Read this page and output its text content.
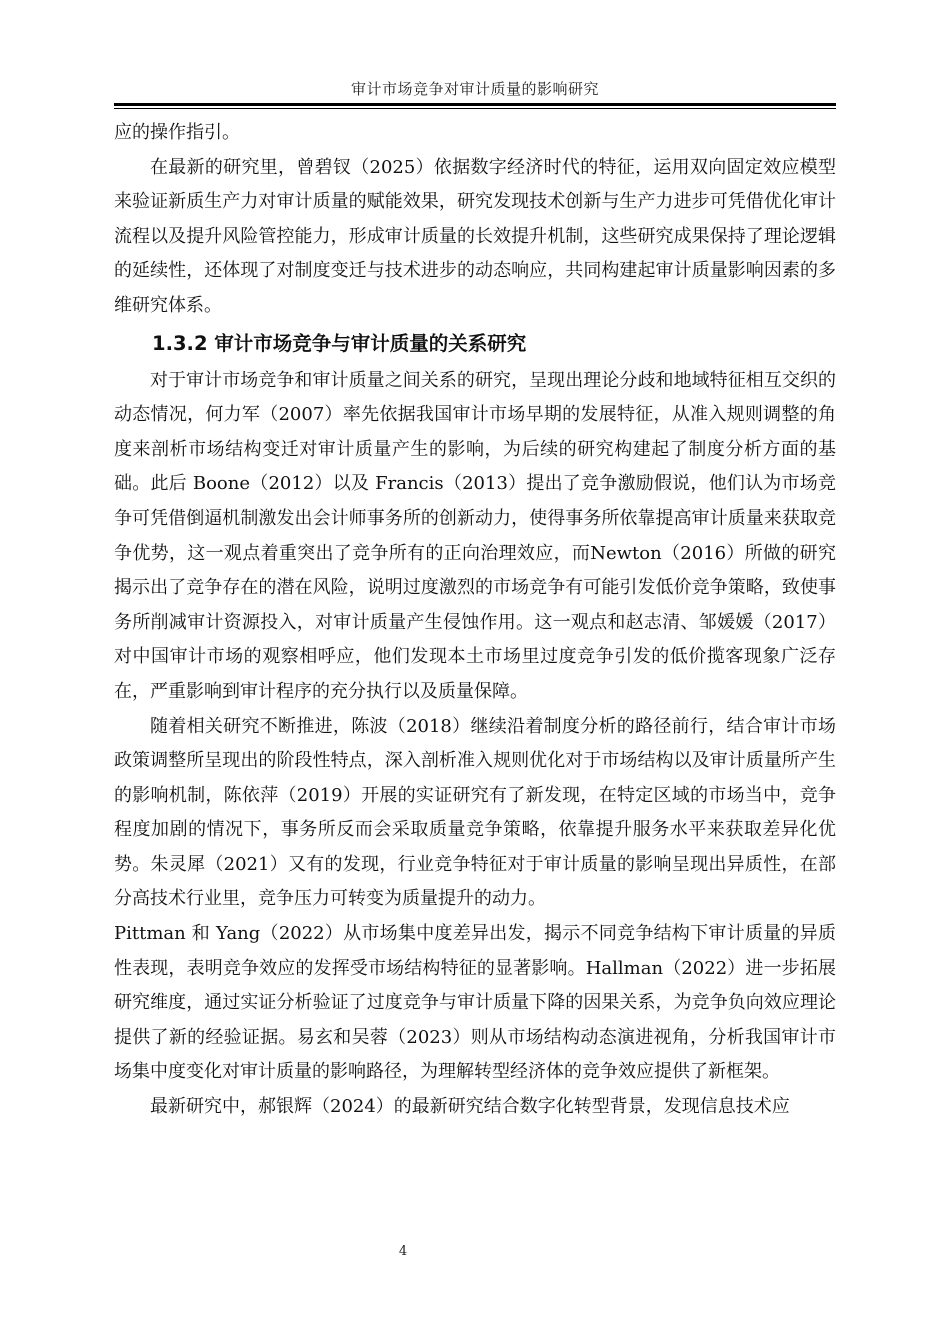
审计市场竞争对审计质量的影响研究

应的操作指引。

在最新的研究里，曾碧钗（2025）依据数字经济时代的特征，运用双向固定效应模型来验证新质生产力对审计质量的赋能效果，研究发现技术创新与生产力进步可凭借优化审计流程以及提升风险管控能力，形成审计质量的长效提升机制，这些研究成果保持了理论逻辑的延续性，还体现了对制度变迁与技术进步的动态响应，共同构建起审计质量影响因素的多维研究体系。

1.3.2 审计市场竞争与审计质量的关系研究

对于审计市场竞争和审计质量之间关系的研究，呈现出理论分歧和地域特征相互交织的动态情况，何力军（2007）率先依据我国审计市场早期的发展特征，从准入规则调整的角度来剖析市场结构变迁对审计质量产生的影响，为后续的研究构建起了制度分析方面的基础。此后 Boone（2012）以及 Francis（2013）提出了竞争激励假说，他们认为市场竞争可凭借倒逼机制激发出会计师事务所的创新动力，使得事务所依靠提高审计质量来获取竞争优势，这一观点着重突出了竞争所有的正向治理效应，而Newton（2016）所做的研究揭示出了竞争存在的潜在风险，说明过度激烈的市场竞争有可能引发低价竞争策略，致使事务所削减审计资源投入，对审计质量产生侵蚀作用。这一观点和赵志清、邹媛媛（2017）对中国审计市场的观察相呼应，他们发现本土市场里过度竞争引发的低价揽客现象广泛存在，严重影响到审计程序的充分执行以及质量保障。

随着相关研究不断推进，陈波（2018）继续沿着制度分析的路径前行，结合审计市场政策调整所呈现出的阶段性特点，深入剖析准入规则优化对于市场结构以及审计质量所产生的影响机制，陈依萍（2019）开展的实证研究有了新发现，在特定区域的市场当中，竞争程度加剧的情况下，事务所反而会采取质量竞争策略，依靠提升服务水平来获取差异化优势。朱灵犀（2021）又有的发现，行业竞争特征对于审计质量的影响呈现出异质性，在部分高技术行业里，竞争压力可转变为质量提升的动力。

Pittman 和 Yang（2022）从市场集中度差异出发，揭示不同竞争结构下审计质量的异质性表现，表明竞争效应的发挥受市场结构特征的显著影响。Hallman（2022）进一步拓展研究维度，通过实证分析验证了过度竞争与审计质量下降的因果关系，为竞争负向效应理论提供了新的经验证据。易玄和吴蓉（2023）则从市场结构动态演进视角，分析我国审计市场集中度变化对审计质量的影响路径，为理解转型经济体的竞争效应提供了新框架。

最新研究中，郝银辉（2024）的最新研究结合数字化转型背景，发现信息技术应

4
